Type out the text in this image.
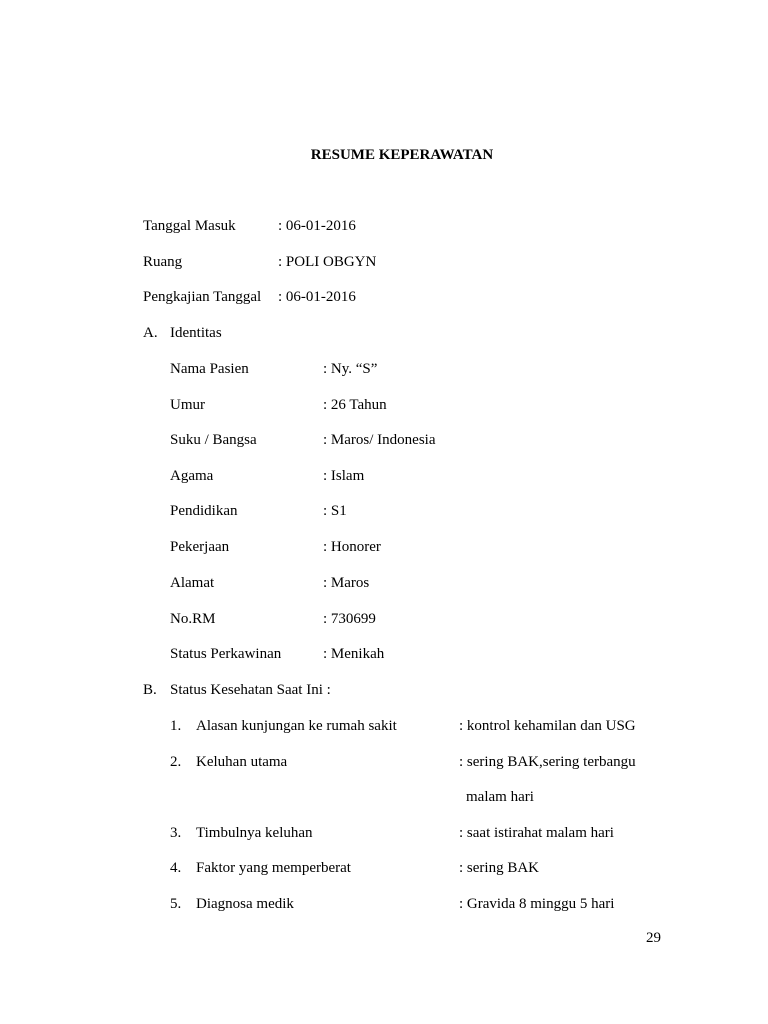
RESUME KEPERAWATAN
Tanggal Masuk	: 06-01-2016
Ruang	: POLI OBGYN
Pengkajian Tanggal : 06-01-2016
A. Identitas
Nama Pasien	: Ny. “S”
Umur	: 26 Tahun
Suku / Bangsa	: Maros/ Indonesia
Agama	: Islam
Pendidikan	: S1
Pekerjaan	: Honorer
Alamat	: Maros
No.RM	: 730699
Status Perkawinan	: Menikah
B. Status Kesehatan Saat Ini :
1. Alasan kunjungan ke rumah sakit	: kontrol kehamilan dan USG
2. Keluhan utama	: sering BAK,sering terbangu
malam hari
3. Timbulnya keluhan	: saat istirahat malam hari
4. Faktor yang memperberat	: sering BAK
5. Diagnosa medik	: Gravida 8 minggu 5 hari
29
